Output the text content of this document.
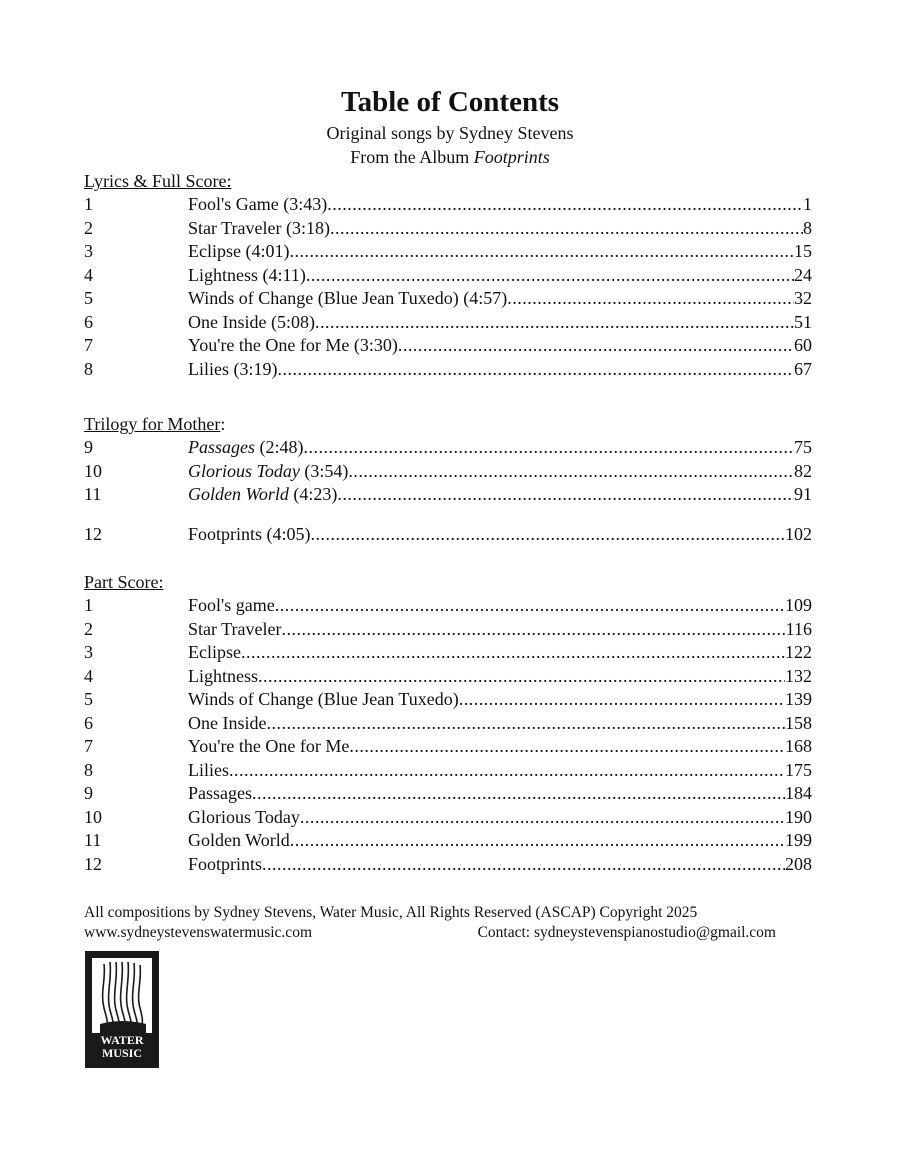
Table of Contents

Original songs by Sydney Stevens

From the Album Footprints

Lyrics & Full Score:
1	Fool's Game (3:43) .....	1
2	Star Traveler (3:18) .....	8
3	Eclipse (4:01) .....	15
4	Lightness (4:11) .....	24
5	Winds of Change (Blue Jean Tuxedo) (4:57) .....	32
6	One Inside (5:08) .....	51
7	You're the One for Me (3:30) .....	60
8	Lilies (3:19) .....	67
Trilogy for Mother:
9	Passages (2:48) .....	75
10	Glorious Today (3:54) .....	82
11	Golden World (4:23) .....	91
12	Footprints (4:05) .....	102
Part Score:
1	Fool's game .....	109
2	Star Traveler .....	116
3	Eclipse .....	122
4	Lightness .....	132
5	Winds of Change (Blue Jean Tuxedo) .....	139
6	One Inside .....	158
7	You're the One for Me .....	168
8	Lilies .....	175
9	Passages .....	184
10	Glorious Today .....	190
11	Golden World .....	199
12	Footprints .....	208
All compositions by Sydney Stevens, Water Music, All Rights Reserved (ASCAP) Copyright 2025
www.sydneystevenswatermusic.com	Contact: sydneystevenspianostudio@gmail.com
WATER
MUSIC
